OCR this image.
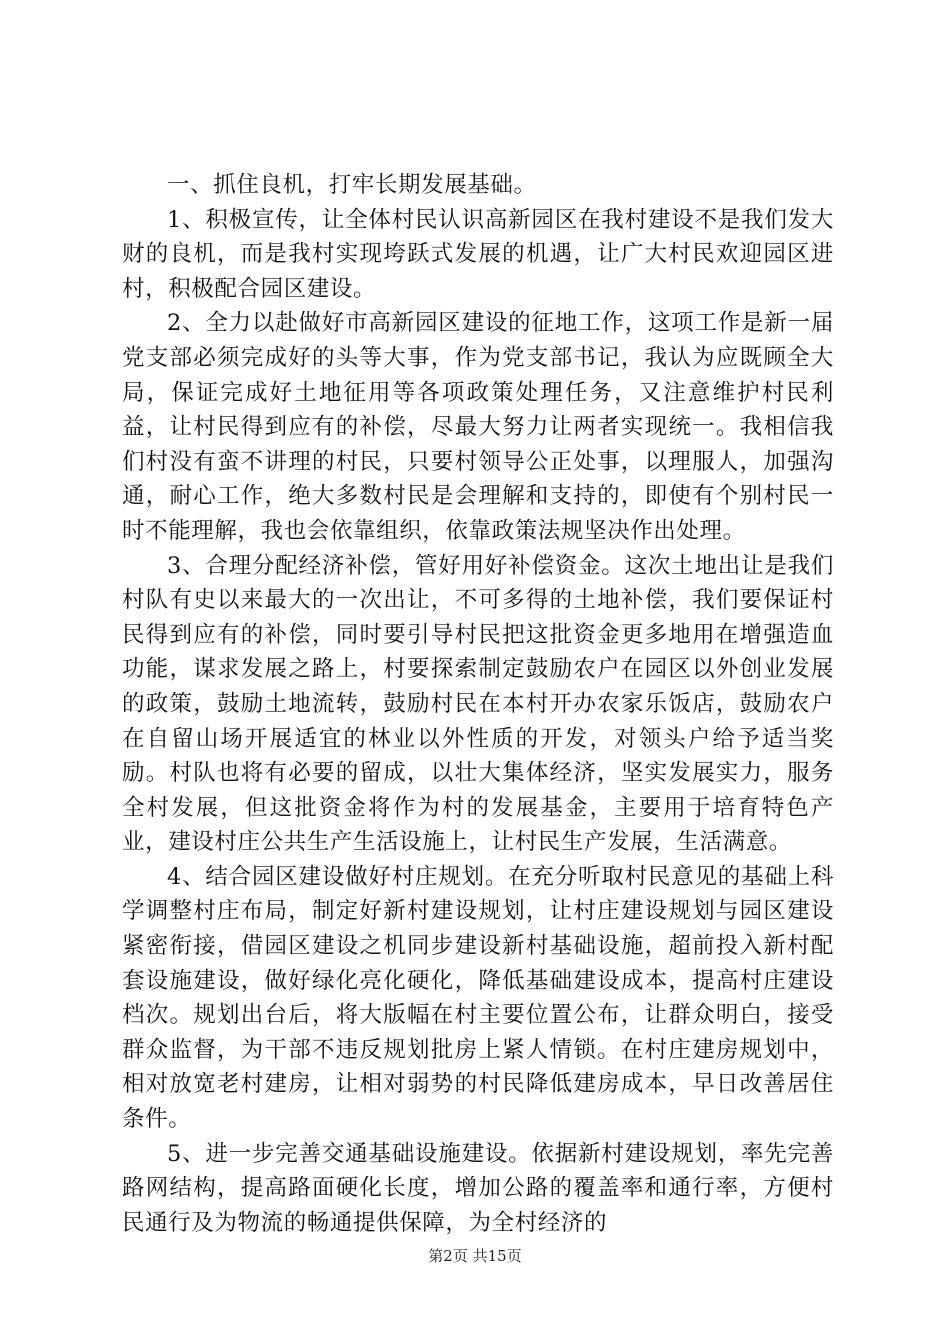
一、抓住良机，打牢长期发展基础。

1、积极宣传，让全体村民认识高新园区在我村建设不是我们发大财的良机，而是我村实现垮跃式发展的机遇，让广大村民欢迎园区进村，积极配合园区建设。

2、全力以赴做好市高新园区建设的征地工作，这项工作是新一届党支部必须完成好的头等大事，作为党支部书记，我认为应既顾全大局，保证完成好土地征用等各项政策处理任务，又注意维护村民利益，让村民得到应有的补偿，尽最大努力让两者实现统一。我相信我们村没有蛮不讲理的村民，只要村领导公正处事，以理服人，加强沟通，耐心工作，绝大多数村民是会理解和支持的，即使有个别村民一时不能理解，我也会依靠组织，依靠政策法规坚决作出处理。

3、合理分配经济补偿，管好用好补偿资金。这次土地出让是我们村队有史以来最大的一次出让，不可多得的土地补偿，我们要保证村民得到应有的补偿，同时要引导村民把这批资金更多地用在增强造血功能，谋求发展之路上，村要探索制定鼓励农户在园区以外创业发展的政策，鼓励土地流转，鼓励村民在本村开办农家乐饭店，鼓励农户在自留山场开展适宜的林业以外性质的开发，对领头户给予适当奖励。村队也将有必要的留成，以壮大集体经济，坚实发展实力，服务全村发展，但这批资金将作为村的发展基金，主要用于培育特色产业，建设村庄公共生产生活设施上，让村民生产发展，生活满意。

4、结合园区建设做好村庄规划。在充分听取村民意见的基础上科学调整村庄布局，制定好新村建设规划，让村庄建设规划与园区建设紧密衔接，借园区建设之机同步建设新村基础设施，超前投入新村配套设施建设，做好绿化亮化硬化，降低基础建设成本，提高村庄建设档次。规划出台后，将大版幅在村主要位置公布，让群众明白，接受群众监督，为干部不违反规划批房上紧人情锁。在村庄建房规划中，相对放宽老村建房，让相对弱势的村民降低建房成本，早日改善居住条件。

5、进一步完善交通基础设施建设。依据新村建设规划，率先完善路网结构，提高路面硬化长度，增加公路的覆盖率和通行率，方便村民通行及为物流的畅通提供保障，为全村经济的

第2页 共15页
